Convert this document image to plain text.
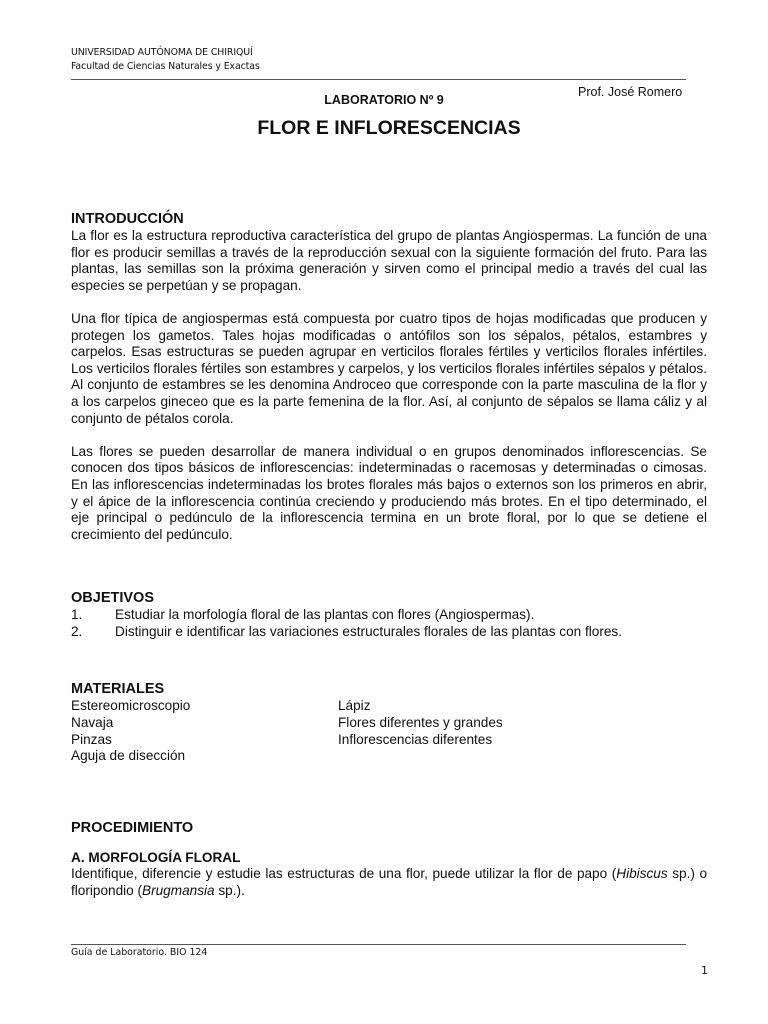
UNIVERSIDAD AUTÓNOMA DE CHIRIQUÍ
Facultad de Ciencias Naturales y Exactas
Prof. José Romero
LABORATORIO Nº 9
FLOR E INFLORESCENCIAS
INTRODUCCIÓN

La flor es la estructura reproductiva característica del grupo de plantas Angiospermas. La función de una flor es producir semillas a través de la reproducción sexual con la siguiente formación del fruto. Para las plantas, las semillas son la próxima generación y sirven como el principal medio a través del cual las especies se perpetúan y se propagan.

Una flor típica de angiospermas está compuesta por cuatro tipos de hojas modificadas que producen y protegen los gametos. Tales hojas modificadas o antófilos son los sépalos, pétalos, estambres y carpelos. Esas estructuras se pueden agrupar en verticilos florales fértiles y verticilos florales infértiles. Los verticilos florales fértiles son estambres y carpelos, y los verticilos florales infértiles sépalos y pétalos. Al conjunto de estambres se les denomina Androceo que corresponde con la parte masculina de la flor y a los carpelos gineceo que es la parte femenina de la flor. Así, al conjunto de sépalos se llama cáliz y al conjunto de pétalos corola.

Las flores se pueden desarrollar de manera individual o en grupos denominados inflorescencias. Se conocen dos tipos básicos de inflorescencias: indeterminadas o racemosas y determinadas o cimosas. En las inflorescencias indeterminadas los brotes florales más bajos o externos son los primeros en abrir, y el ápice de la inflorescencia continúa creciendo y produciendo más brotes. En el tipo determinado, el eje principal o pedúnculo de la inflorescencia termina en un brote floral, por lo que se detiene el crecimiento del pedúnculo.

OBJETIVOS
1.	Estudiar la morfología floral de las plantas con flores (Angiospermas).
2.	Distinguir e identificar las variaciones estructurales florales de las plantas con flores.
MATERIALES
Estereomicroscopio
Navaja
Pinzas
Aguja de disección
Lápiz
Flores diferentes y grandes
Inflorescencias diferentes
PROCEDIMIENTO
A. MORFOLOGÍA FLORAL

Identifique, diferencie y estudie las estructuras de una flor, puede utilizar la flor de papo (Hibiscus sp.) o floripondio (Brugmansia sp.).

Guía de Laboratorio. BIO 124
1
